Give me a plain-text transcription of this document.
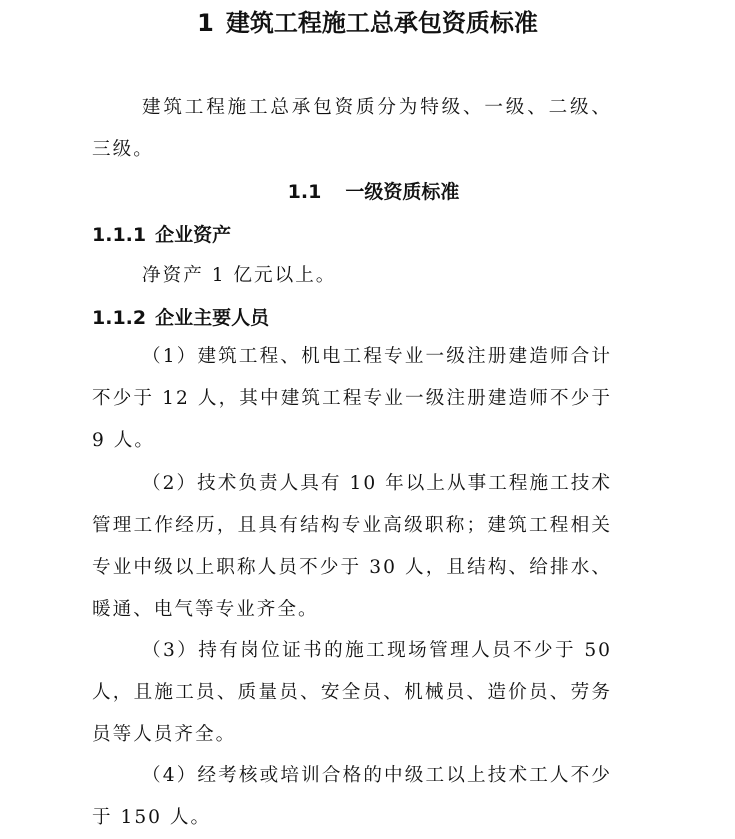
1 建筑工程施工总承包资质标准

建筑工程施工总承包资质分为特级、一级、二级、三级。

1.1 一级资质标准
1.1.1 企业资产
净资产 1 亿元以上。
1.1.2 企业主要人员

（1）建筑工程、机电工程专业一级注册建造师合计不少于 12 人，其中建筑工程专业一级注册建造师不少于 9 人。

（2）技术负责人具有 10 年以上从事工程施工技术管理工作经历，且具有结构专业高级职称；建筑工程相关专业中级以上职称人员不少于 30 人，且结构、给排水、暖通、电气等专业齐全。

（3）持有岗位证书的施工现场管理人员不少于 50 人，且施工员、质量员、安全员、机械员、造价员、劳务员等人员齐全。

（4）经考核或培训合格的中级工以上技术工人不少于 150 人。
